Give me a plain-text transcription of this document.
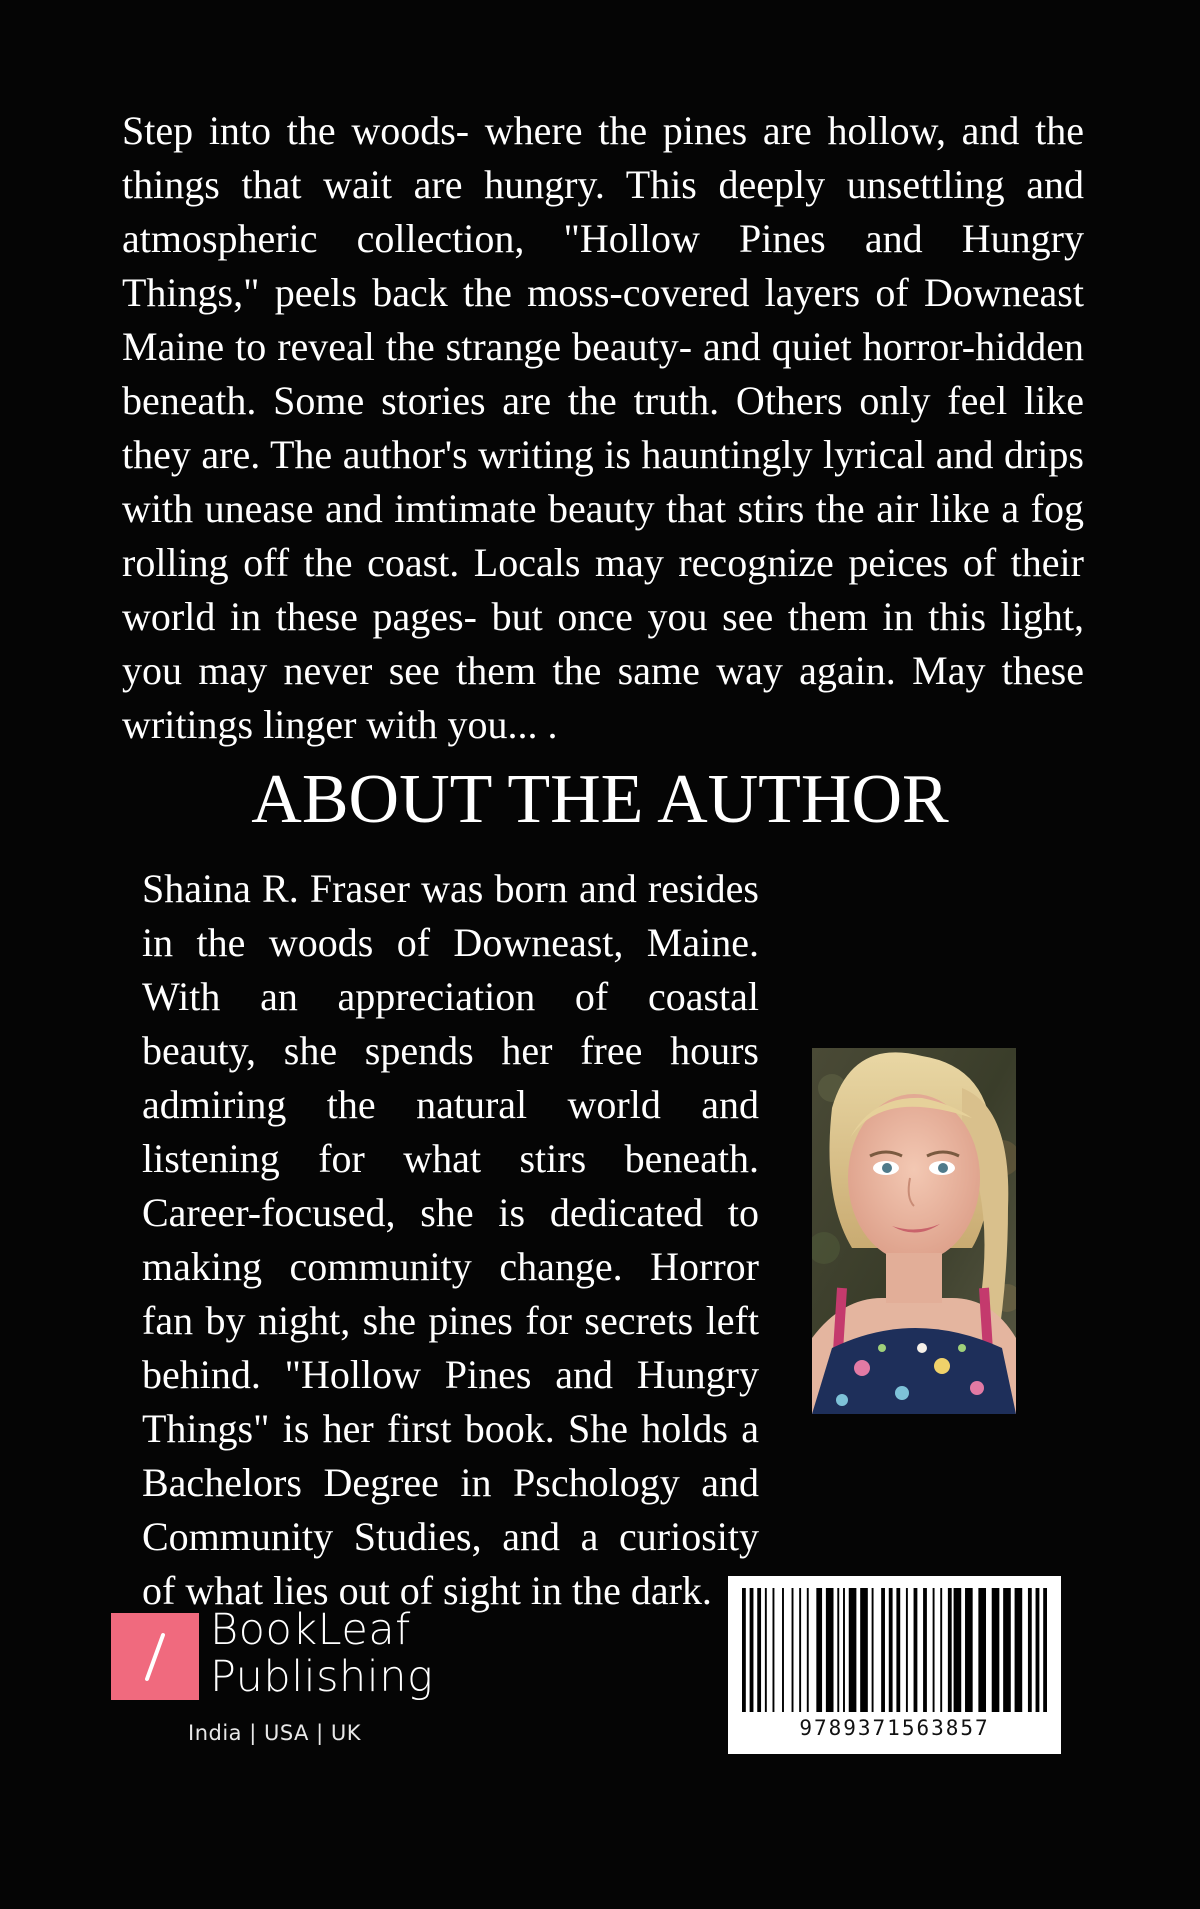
Step into the woods- where the pines are hollow, and the things that wait are hungry. This deeply unsettling and atmospheric collection, "Hollow Pines and Hungry Things," peels back the moss-covered layers of Downeast Maine to reveal the strange beauty- and quiet horror-hidden beneath. Some stories are the truth. Others only feel like they are. The author's writing is hauntingly lyrical and drips with unease and imtimate beauty that stirs the air like a fog rolling off the coast. Locals may recognize peices of their world in these pages- but once you see them in this light, you may never see them the same way again. May these writings linger with you... .

ABOUT THE AUTHOR

Shaina R. Fraser was born and resides in the woods of Downeast, Maine. With an appreciation of coastal beauty, she spends her free hours admiring the natural world and listening for what stirs beneath. Career-focused, she is dedicated to making community change. Horror fan by night, she pines for secrets left behind. "Hollow Pines and Hungry Things" is her first book. She holds a Bachelors Degree in Pschology and Community Studies, and a curiosity of what lies out of sight in the dark.

BookLeaf
Publishing
India | USA | UK	9789371563857
